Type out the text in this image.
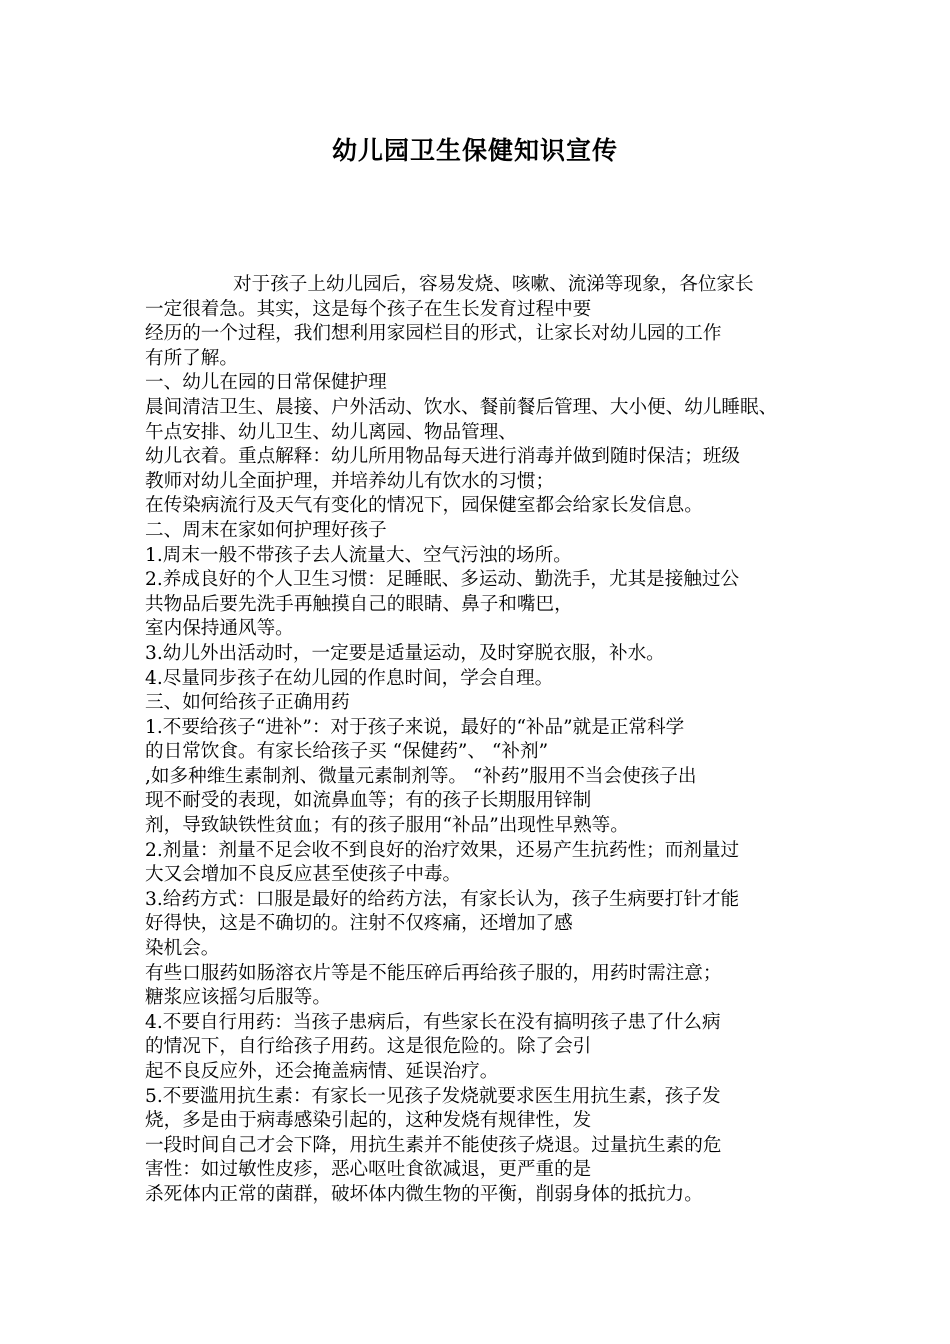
幼儿园卫生保健知识宣传
对于孩子上幼儿园后，容易发烧、咳嗽、流涕等现象，各位家长
一定很着急。其实，这是每个孩子在生长发育过程中要
经历的一个过程，我们想利用家园栏目的形式，让家长对幼儿园的工作
有所了解。
一、幼儿在园的日常保健护理
晨间清洁卫生、晨接、户外活动、饮水、餐前餐后管理、大小便、幼儿睡眠、
午点安排、幼儿卫生、幼儿离园、物品管理、
幼儿衣着。重点解释：幼儿所用物品每天进行消毒并做到随时保洁；班级
教师对幼儿全面护理，并培养幼儿有饮水的习惯；
在传染病流行及天气有变化的情况下，园保健室都会给家长发信息。
二、周末在家如何护理好孩子
1.周末一般不带孩子去人流量大、空气污浊的场所。
2.养成良好的个人卫生习惯：足睡眠、多运动、勤洗手，尤其是接触过公
共物品后要先洗手再触摸自己的眼睛、鼻子和嘴巴，
室内保持通风等。
3.幼儿外出活动时，一定要是适量运动，及时穿脱衣服，补水。
4.尽量同步孩子在幼儿园的作息时间，学会自理。
三、如何给孩子正确用药
1.不要给孩子“进补”：对于孩子来说，最好的“补品”就是正常科学
的日常饮食。有家长给孩子买 “保健药”、 “补剂”
,如多种维生素制剂、微量元素制剂等。 “补药”服用不当会使孩子出
现不耐受的表现，如流鼻血等；有的孩子长期服用锌制
剂，导致缺铁性贫血；有的孩子服用“补品”出现性早熟等。
2.剂量：剂量不足会收不到良好的治疗效果，还易产生抗药性；而剂量过
大又会增加不良反应甚至使孩子中毒。
3.给药方式：口服是最好的给药方法，有家长认为，孩子生病要打针才能
好得快，这是不确切的。注射不仅疼痛，还增加了感
染机会。
有些口服药如肠溶衣片等是不能压碎后再给孩子服的，用药时需注意；
糖浆应该摇匀后服等。
4.不要自行用药：当孩子患病后，有些家长在没有搞明孩子患了什么病
的情况下，自行给孩子用药。这是很危险的。除了会引
起不良反应外，还会掩盖病情、延误治疗。
5.不要滥用抗生素：有家长一见孩子发烧就要求医生用抗生素，孩子发
烧，多是由于病毒感染引起的，这种发烧有规律性，发
一段时间自己才会下降，用抗生素并不能使孩子烧退。过量抗生素的危
害性：如过敏性皮疹，恶心呕吐食欲减退，更严重的是
杀死体内正常的菌群，破坏体内微生物的平衡，削弱身体的抵抗力。
